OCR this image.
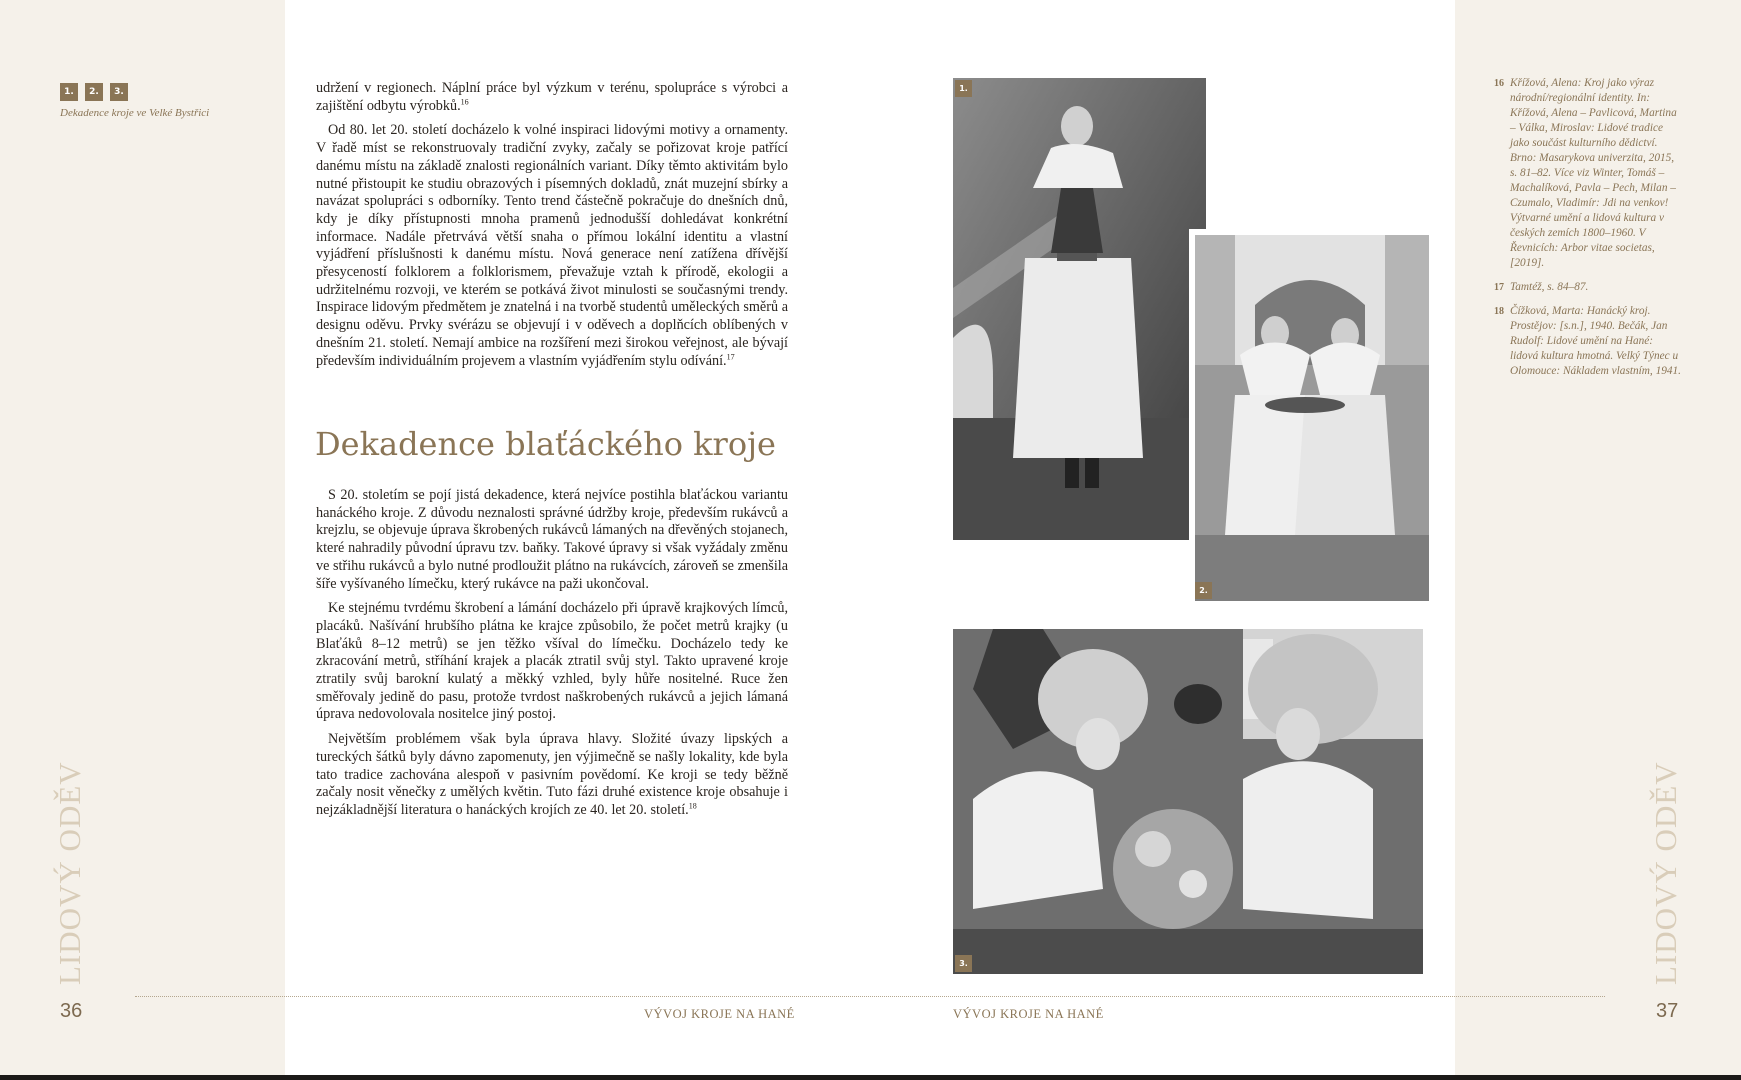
1.	2.	3.
Dekadence kroje ve Velké Bystřici
LIDOVÝ ODĚV
36

udržení v regionech. Náplní práce byl výzkum v terénu, spolupráce s výrobci a zajištění odbytu výrobků.$^{16}$

Od 80. let 20. století docházelo k volné inspiraci lidovými motivy a ornamenty. V řadě míst se rekonstruovaly tradiční zvyky, začaly se pořizovat kroje patřící danému místu na základě znalosti regionálních variant. Díky těmto aktivitám bylo nutné přistoupit ke studiu obrazových i písemných dokladů, znát muzejní sbírky a navázat spolupráci s odborníky. Tento trend částečně pokračuje do dnešních dnů, kdy je díky přístupnosti mnoha pramenů jednodušší dohledávat konkrétní informace. Nadále přetrvává větší snaha o přímou lokální identitu a vlastní vyjádření příslušnosti k danému místu. Nová generace není zatížena dřívější přesyceností folklorem a folklorismem, převažuje vztah k přírodě, ekologii a udržitelnému rozvoji, ve kterém se potkává život minulosti se současnými trendy. Inspirace lidovým předmětem je znatelná i na tvorbě studentů uměleckých směrů a designu oděvu. Prvky svérázu se objevují i v oděvech a doplňcích oblíbených v dnešním 21. století. Nemají ambice na rozšíření mezi širokou veřejnost, ale bývají především individuálním projevem a vlastním vyjádřením stylu odívání.$^{17}$

Dekadence blaťáckého kroje

S 20. stoletím se pojí jistá dekadence, která nejvíce postihla blaťáckou variantu hanáckého kroje. Z důvodu neznalosti správné údržby kroje, především rukávců a krejzlu, se objevuje úprava škrobených rukávců lámaných na dřevěných stojanech, které nahradily původní úpravu tzv. baňky. Takové úpravy si však vyžádaly změnu ve střihu rukávců a bylo nutné prodloužit plátno na rukávcích, zároveň se zmenšila šíře vyšívaného límečku, který rukávce na paži ukončoval.

Ke stejnému tvrdému škrobení a lámání docházelo při úpravě krajkových límců, placáků. Našívání hrubšího plátna ke krajce způsobilo, že počet metrů krajky (u Blaťáků 8–12 metrů) se jen těžko všíval do límečku. Docházelo tedy ke zkracování metrů, stříhání krajek a placák ztratil svůj styl. Takto upravené kroje ztratily svůj barokní kulatý a měkký vzhled, byly hůře nositelné. Ruce žen směřovaly jedině do pasu, protože tvrdost naškrobených rukávců a jejich lámaná úprava nedovolovala nositelce jiný postoj.

Největším problémem však byla úprava hlavy. Složité úvazy lipských a tureckých šátků byly dávno zapomenuty, jen výjimečně se našly lokality, kde byla tato tradice zachována alespoň v pasivním povědomí. Ke kroji se tedy běžně začaly nosit věnečky z umělých květin. Tuto fázi druhé existence kroje obsahuje i nejzákladnější literatura o hanáckých krojích ze 40. let 20. století.$^{18}$

VÝVOJ KROJE NA HANÉ	VÝVOJ KROJE NA HANÉ
1.
2.
3.
16 Křížová, Alena: Kroj jako výraz národní/regionální identity. In: Křížová, Alena – Pavlicová, Martina – Válka, Miroslav: Lidové tradice jako součást kulturního dědictví. Brno: Masarykova univerzita, 2015, s. 81–82. Více viz Winter, Tomáš – Machalíková, Pavla – Pech, Milan – Czumalo, Vladimír: Jdi na venkov! Výtvarné umění a lidová kultura v českých zemích 1800–1960. V Řevnicích: Arbor vitae societas, [2019].
17 Tamtéž, s. 84–87.
18 Čížková, Marta: Hanácký kroj. Prostějov: [s.n.], 1940. Bečák, Jan Rudolf: Lidové umění na Hané: lidová kultura hmotná. Velký Týnec u Olomouce: Nákladem vlastním, 1941.
LIDOVÝ ODĚV
37
